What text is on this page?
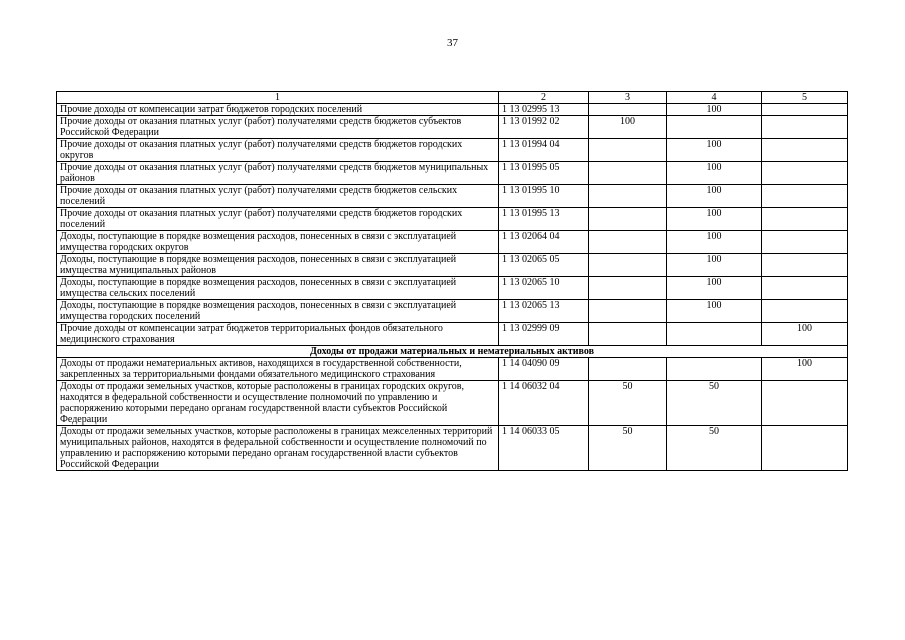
37
1	2	3	4	5
Прочие доходы от компенсации затрат бюджетов городских поселений	1 13 02995 13		100	
Прочие доходы от оказания платных услуг (работ) получателями средств бюджетов субъектов Российской Федерации	1 13 01992 02	100		
Прочие доходы от оказания платных услуг (работ) получателями средств бюджетов городских округов	1 13 01994 04		100	
Прочие доходы от оказания платных услуг (работ) получателями средств бюджетов муниципальных районов	1 13 01995 05		100	
Прочие доходы от оказания платных услуг (работ) получателями средств бюджетов сельских поселений	1 13 01995 10		100	
Прочие доходы от оказания платных услуг (работ) получателями средств бюджетов городских поселений	1 13 01995 13		100	
Доходы, поступающие в порядке возмещения расходов, понесенных в связи с эксплуатацией имущества городских округов	1 13 02064 04		100	
Доходы, поступающие в порядке возмещения расходов, понесенных в связи с эксплуатацией имущества муниципальных районов	1 13 02065 05		100	
Доходы, поступающие в порядке возмещения расходов, понесенных в связи с эксплуатацией имущества сельских поселений	1 13 02065 10		100	
Доходы, поступающие в порядке возмещения расходов, понесенных в связи с эксплуатацией имущества городских поселений	1 13 02065 13		100	
Прочие доходы от компенсации затрат бюджетов территориальных фондов обязательного медицинского страхования	1 13 02999 09			100
Доходы от продажи материальных и нематериальных активов				
Доходы от продажи нематериальных активов, находящихся в государственной собственности, закрепленных за территориальными фондами обязательного медицинского страхования	1 14 04090 09			100
Доходы от продажи земельных участков, которые расположены в границах городских округов, находятся в федеральной собственности и осуществление полномочий по управлению и распоряжению которыми передано органам государственной власти субъектов Российской Федерации	1 14 06032 04	50	50	
Доходы от продажи земельных участков, которые расположены в границах межселенных территорий муниципальных районов, находятся в федеральной собственности и осуществление полномочий по управлению и распоряжению которыми передано органам государственной власти субъектов Российской Федерации	1 14 06033 05	50	50	
